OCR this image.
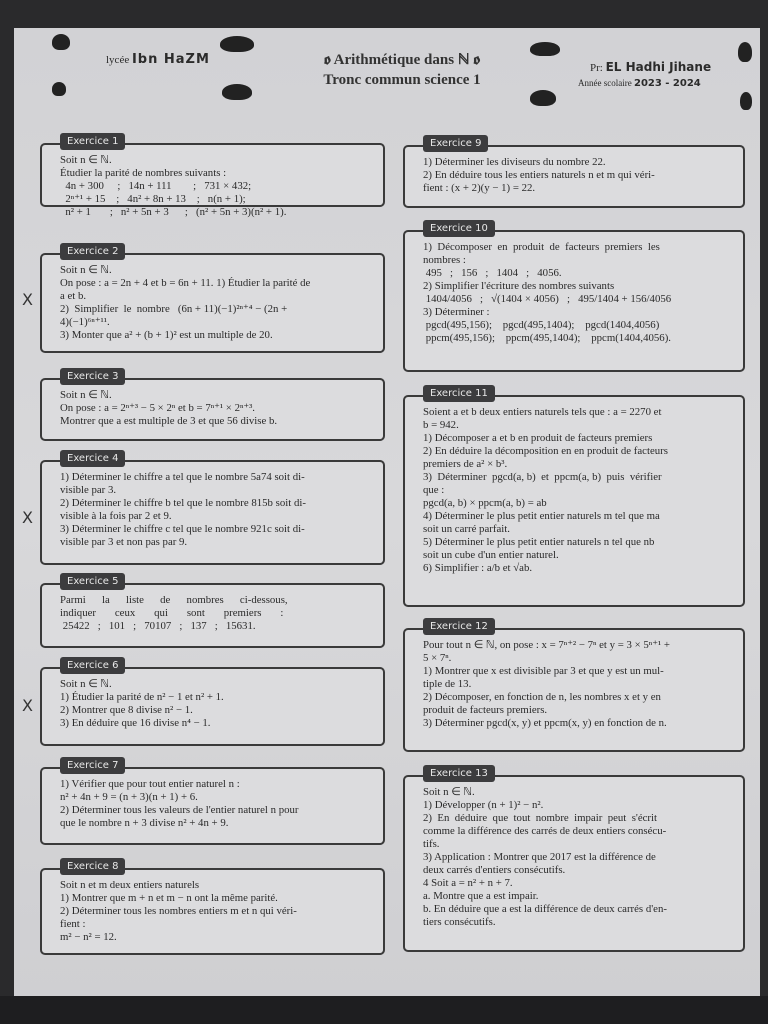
lycée Ibn HaZM	ꬽ Arithmétique dans ℕ ꬽ
Tronc commun science 1
Pr: EL Hadhi Jihane
Année scolaire 2023 - 2024
X
X
X
Exercice 1
Soit n ∈ ℕ.
Étudier la parité de nombres suivants :
4n + 300     ;   14n + 111        ;   731 × 432;
2ⁿ⁺¹ + 15    ;   4n² + 8n + 13    ;   n(n + 1);
n² + 1       ;   n² + 5n + 3      ;   (n² + 5n + 3)(n² + 1).
Exercice 2
Soit n ∈ ℕ.
On pose : a = 2n + 4 et b = 6n + 11. 1) Étudier la parité de
a et b.
2)  Simplifier  le  nombre   (6n + 11)(−1)²ⁿ⁺⁴ − (2n +
4)(−1)⁶ⁿ⁺¹¹.
3) Monter que a² + (b + 1)² est un multiple de 20.
Exercice 3
Soit n ∈ ℕ.
On pose : a = 2ⁿ⁺³ − 5 × 2ⁿ et b = 7ⁿ⁺¹ × 2ⁿ⁺³.
Montrer que a est multiple de 3 et que 56 divise b.
Exercice 4
1) Déterminer le chiffre a tel que le nombre 5a74 soit di-
visible par 3.
2) Déterminer le chiffre b tel que le nombre 815b soit di-
visible à la fois par 2 et 9.
3) Déterminer le chiffre c tel que le nombre 921c soit di-
visible par 3 et non pas par 9.
Exercice 5
Parmi      la      liste      de      nombres      ci-dessous,
indiquer       ceux       qui       sont       premiers       :
25422   ;   101   ;   70107   ;   137   ;   15631.
Exercice 6
Soit n ∈ ℕ.
1) Étudier la parité de n² − 1 et n² + 1.
2) Montrer que 8 divise n² − 1.
3) En déduire que 16 divise n⁴ − 1.
Exercice 7
1) Vérifier que pour tout entier naturel n :
n² + 4n + 9 = (n + 3)(n + 1) + 6.
2) Déterminer tous les valeurs de l'entier naturel n pour
que le nombre n + 3 divise n² + 4n + 9.
Exercice 8
Soit n et m deux entiers naturels
1) Montrer que m + n et m − n ont la même parité.
2) Déterminer tous les nombres entiers m et n qui véri-
fient :
m² − n² = 12.
Exercice 9
1) Déterminer les diviseurs du nombre 22.
2) En déduire tous les entiers naturels n et m qui véri-
fient : (x + 2)(y − 1) = 22.
Exercice 10
1)  Décomposer  en  produit  de  facteurs  premiers  les
nombres :
495   ;   156   ;   1404   ;   4056.
2) Simplifier l'écriture des nombres suivants
1404/4056   ;   √(1404 × 4056)   ;   495/1404 + 156/4056
3) Déterminer :
pgcd(495,156);    pgcd(495,1404);    pgcd(1404,4056)
ppcm(495,156);    ppcm(495,1404);    ppcm(1404,4056).
Exercice 11
Soient a et b deux entiers naturels tels que : a = 2270 et
b = 942.
1) Décomposer a et b en produit de facteurs premiers
2) En déduire la décomposition en en produit de facteurs
premiers de a² × b³.
3)  Déterminer  pgcd(a, b)  et  ppcm(a, b)  puis  vérifier
que :
pgcd(a, b) × ppcm(a, b) = ab
4) Déterminer le plus petit entier naturels m tel que ma
soit un carré parfait.
5) Déterminer le plus petit entier naturels n tel que nb
soit un cube d'un entier naturel.
6) Simplifier : a/b et √ab.
Exercice 12
Pour tout n ∈ ℕ, on pose : x = 7ⁿ⁺² − 7ⁿ et y = 3 × 5ⁿ⁺¹ +
5 × 7ⁿ.
1) Montrer que x est divisible par 3 et que y est un mul-
tiple de 13.
2) Décomposer, en fonction de n, les nombres x et y en
produit de facteurs premiers.
3) Déterminer pgcd(x, y) et ppcm(x, y) en fonction de n.
Exercice 13
Soit n ∈ ℕ.
1) Développer (n + 1)² − n².
2)  En  déduire  que  tout  nombre  impair  peut  s'écrit
comme la différence des carrés de deux entiers consécu-
tifs.
3) Application : Montrer que 2017 est la différence de
deux carrés d'entiers consécutifs.
4 Soit a = n² + n + 7.
a. Montre que a est impair.
b. En déduire que a est la différence de deux carrés d'en-
tiers consécutifs.
